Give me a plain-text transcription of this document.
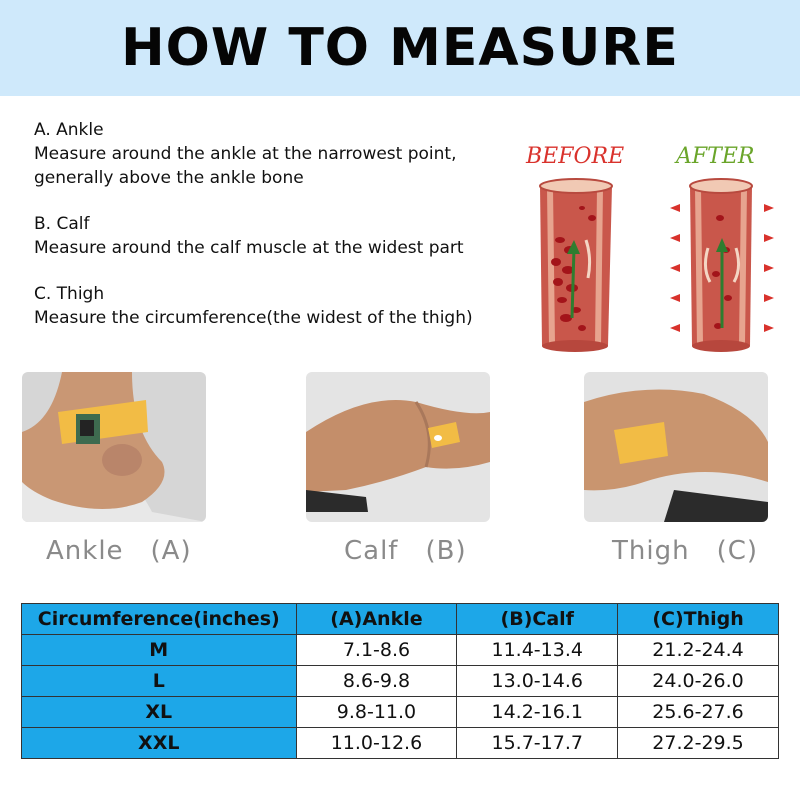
HOW TO MEASURE

A. Ankle

Measure around the ankle at the narrowest point,

generally above the ankle bone

B. Calf

Measure around the calf muscle at the widest part

C. Thigh

Measure the circumference(the widest of the thigh)

BEFORE AFTER
Ankle　(A)	Calf　(B)	Thigh　(C)
Circumference(inches)	(A)Ankle	(B)Calf	(C)Thigh
M	7.1-8.6	11.4-13.4	21.2-24.4
L	8.6-9.8	13.0-14.6	24.0-26.0
XL	9.8-11.0	14.2-16.1	25.6-27.6
XXL	11.0-12.6	15.7-17.7	27.2-29.5
